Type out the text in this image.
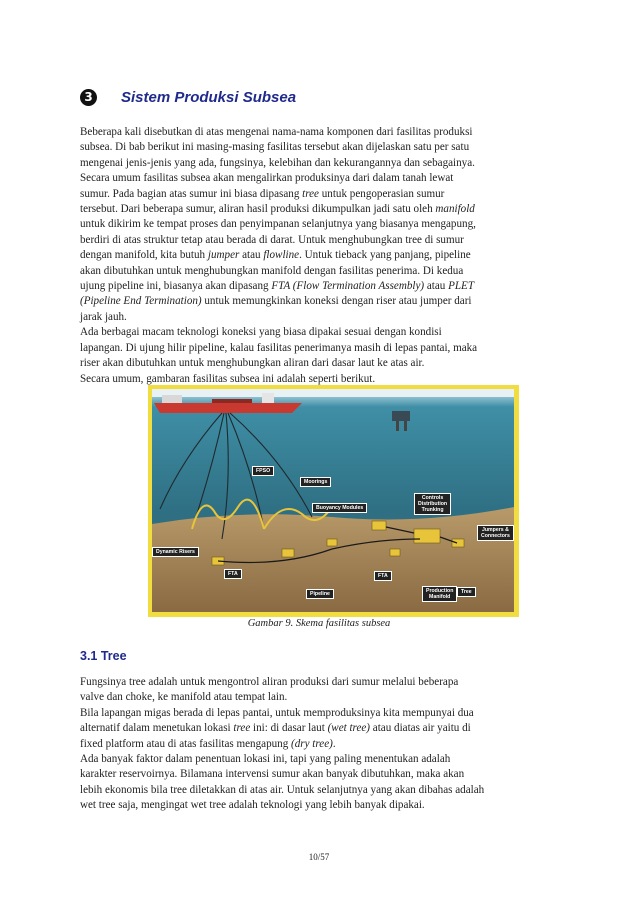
3 Sistem Produksi Subsea

Beberapa kali disebutkan di atas mengenai nama-nama komponen dari fasilitas produksi

subsea. Di bab berikut ini masing-masing fasilitas tersebut akan dijelaskan satu per satu

mengenai jenis-jenis yang ada, fungsinya, kelebihan dan kekurangannya dan sebagainya.

Secara umum fasilitas subsea akan mengalirkan produksinya dari dalam tanah lewat

sumur. Pada bagian atas sumur ini biasa dipasang tree untuk pengoperasian sumur

tersebut. Dari beberapa sumur, aliran hasil produksi dikumpulkan jadi satu oleh manifold

untuk dikirim ke tempat proses dan penyimpanan selanjutnya yang biasanya mengapung,

berdiri di atas struktur tetap atau berada di darat. Untuk menghubungkan tree di sumur

dengan manifold, kita butuh jumper atau flowline. Untuk tieback yang panjang, pipeline

akan dibutuhkan untuk menghubungkan manifold dengan fasilitas penerima. Di kedua

ujung pipeline ini, biasanya akan dipasang FTA (Flow Termination Assembly) atau PLET

(Pipeline End Termination) untuk memungkinkan koneksi dengan riser atau jumper dari

jarak jauh.

Ada berbagai macam teknologi koneksi yang biasa dipakai sesuai dengan kondisi

lapangan. Di ujung hilir pipeline, kalau fasilitas penerimanya masih di lepas pantai, maka

riser akan dibutuhkan untuk menghubungkan aliran dari dasar laut ke atas air.

Secara umum, gambaran fasilitas subsea ini adalah seperti berikut.

FPSO
Moorings
Buoyancy Modules
Controls
Distribution
Trunking
Jumpers &
Connectors
Dynamic Risers
FTA	FTA
Pipeline	Production
Manifold
Tree
Gambar 9. Skema fasilitas subsea
3.1 Tree

Fungsinya tree adalah untuk mengontrol aliran produksi dari sumur melalui beberapa

valve dan choke, ke manifold atau tempat lain.

Bila lapangan migas berada di lepas pantai, untuk memproduksinya kita mempunyai dua

alternatif dalam menetukan lokasi tree ini: di dasar laut (wet tree) atau diatas air yaitu di

fixed platform atau di atas fasilitas mengapung (dry tree).

Ada banyak faktor dalam penentuan lokasi ini, tapi yang paling menentukan adalah

karakter reservoirnya. Bilamana intervensi sumur akan banyak dibutuhkan, maka akan

lebih ekonomis bila tree diletakkan di atas air. Untuk selanjutnya yang akan dibahas adalah

wet tree saja, mengingat wet tree adalah teknologi yang lebih banyak dipakai.

10/57
